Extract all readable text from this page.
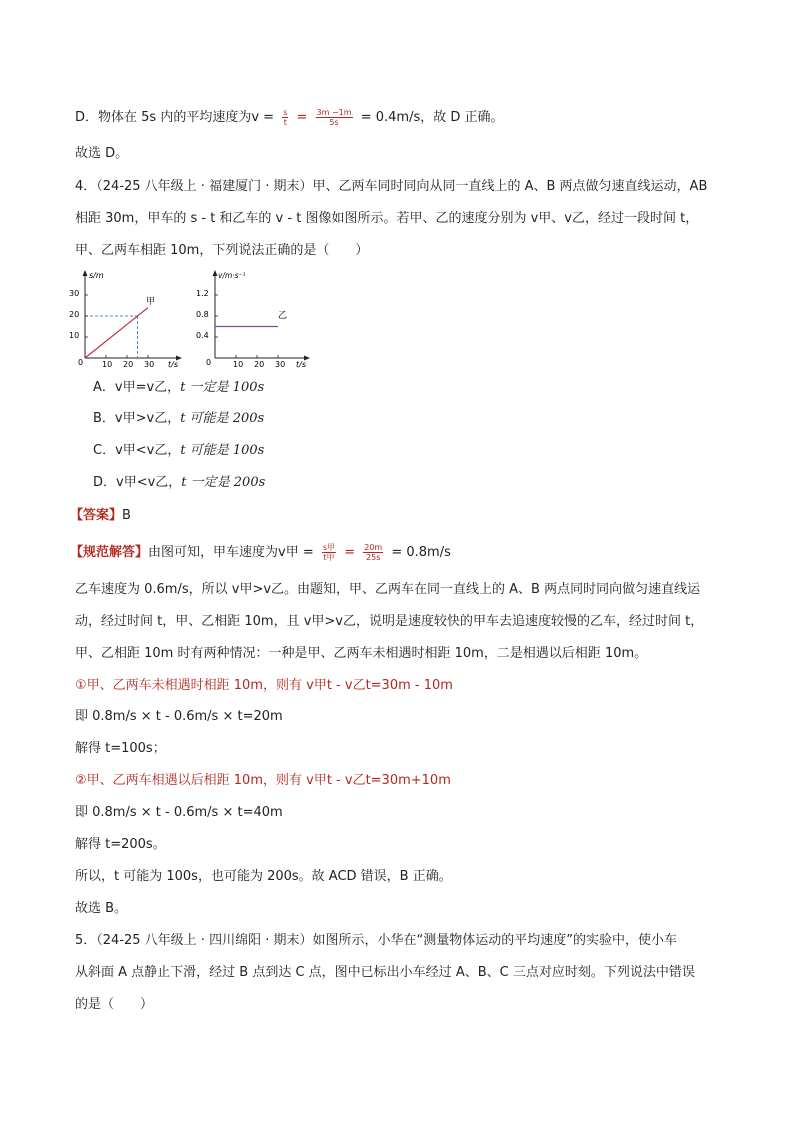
D．物体在 5s 内的平均速度为$v = \frac{s}{t} = \frac{3m -1m}{5s} = 0.4m/s$，故 D 正确。
故选 D。
4．（24-25 八年级上 · 福建厦门 · 期末）甲、乙两车同时同向从同一直线上的 A、B 两点做匀速直线运动，AB
相距 30m，甲车的 s - t 和乙车的 v - t 图像如图所示。若甲、乙的速度分别为 v甲、v乙，经过一段时间 t，
甲、乙两车相距 10m，下列说法正确的是（　　）
s/m
t/s
30
20
10
0 10 20 30
甲
v/m·s⁻¹
t/s
1.2
0.8
0.4
0	10 20 30
乙
A．v甲=v乙，t 一定是 100s
B．v甲>v乙，t 可能是 200s
C．v甲<v乙，t 可能是 100s
D．v甲<v乙，t 一定是 200s
【答案】B
【规范解答】由图可知，甲车速度为v甲 = $\frac{\text{s甲}}{\text{t甲}} = \frac{20m}{25s} = 0.8m/s$
乙车速度为 0.6m/s，所以 v甲>v乙。由题知，甲、乙两车在同一直线上的 A、B 两点同时同向做匀速直线运
动，经过时间 t，甲、乙相距 10m，且 v甲>v乙，说明是速度较快的甲车去追速度较慢的乙车，经过时间 t，
甲、乙相距 10m 时有两种情况：一种是甲、乙两车未相遇时相距 10m，二是相遇以后相距 10m。
①甲、乙两车未相遇时相距 10m，则有 v甲t - v乙t=30m - 10m
即 0.8m/s × t - 0.6m/s × t=20m
解得 t=100s；
②甲、乙两车相遇以后相距 10m，则有 v甲t - v乙t=30m+10m
即 0.8m/s × t - 0.6m/s × t=40m
解得 t=200s。
所以，t 可能为 100s，也可能为 200s。故 ACD 错误，B 正确。
故选 B。
5．（24-25 八年级上 · 四川绵阳 · 期末）如图所示，小华在“测量物体运动的平均速度”的实验中，使小车
从斜面 A 点静止下滑，经过 B 点到达 C 点，图中已标出小车经过 A、B、C 三点对应时刻。下列说法中错误
的是（　　）
